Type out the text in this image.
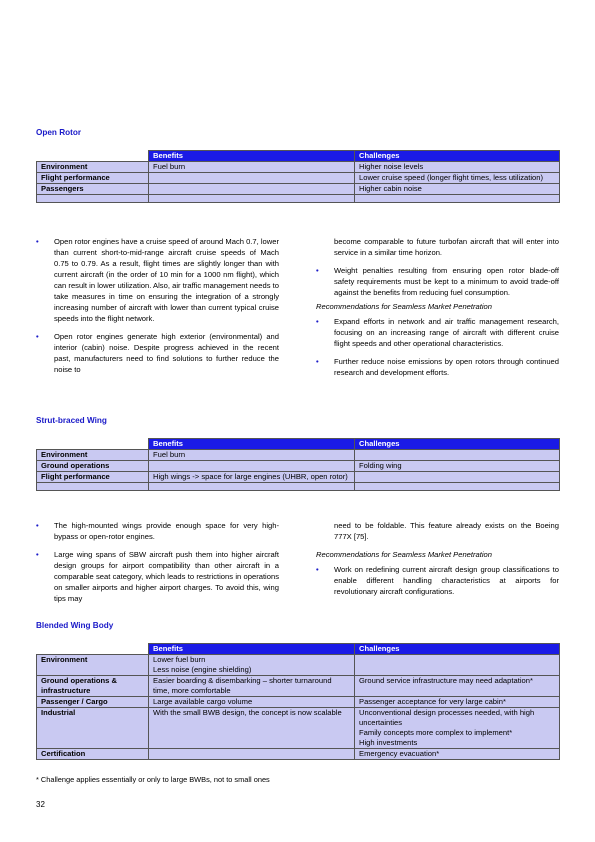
Open Rotor
	Benefits	Challenges
Environment	Fuel burn	Higher noise levels
Flight performance		Lower cruise speed (longer flight times, less utilization)
Passengers		Higher cabin noise

• Open rotor engines have a cruise speed of around Mach 0.7, lower than current short-to-mid-range aircraft cruise speeds of Mach 0.75 to 0.79. As a result, flight times are slightly longer than with current aircraft (in the order of 10 min for a 1000 nm flight), which can result in lower utilization. Also, air traffic management needs to take measures in time on ensuring the integration of a strongly increasing number of aircraft with lower than current typical cruise speeds into the flight network.
• Open rotor engines generate high exterior (environmental) and interior (cabin) noise. Despite progress achieved in the recent past, manufacturers need to find solutions to further reduce the noise to
become comparable to future turbofan aircraft that will enter into service in a similar time horizon.
• Weight penalties resulting from ensuring open rotor blade-off safety requirements must be kept to a minimum to avoid trade-off against the benefits from reducing fuel consumption.
Recommendations for Seamless Market Penetration
• Expand efforts in network and air traffic management research, focusing on an increasing range of aircraft with different cruise flight speeds and other operational characteristics.
• Further reduce noise emissions by open rotors through continued research and development efforts.
Strut-braced Wing
	Benefits	Challenges
Environment	Fuel burn	
Ground operations		Folding wing
Flight performance	High wings -> space for large engines (UHBR, open rotor)	

• The high-mounted wings provide enough space for very high-bypass or open-rotor engines.
• Large wing spans of SBW aircraft push them into higher aircraft design groups for airport compatibility than other aircraft in a comparable seat category, which leads to restrictions in operations on smaller airports and higher airport charges. To avoid this, wing tips may
need to be foldable. This feature already exists on the Boeing 777X [75].
Recommendations for Seamless Market Penetration
• Work on redefining current aircraft design group classifications to enable different handling characteristics at airports for revolutionary aircraft configurations.
Blended Wing Body
	Benefits	Challenges
Environment	Lower fuel burn
Less noise (engine shielding)	

Ground operations & infrastructure	Easier boarding & disembarking – shorter turnaround time, more comfortable	Ground service infrastructure may need adaptation*
Passenger / Cargo	Large available cargo volume	Passenger acceptance for very large cabin*
Industrial	With the small BWB design, the concept is now scalable	Unconventional design processes needed, with high uncertainties
Family concepts more complex to implement*
High investments

Certification		Emergency evacuation*
* Challenge applies essentially or only to large BWBs, not to small ones
32
